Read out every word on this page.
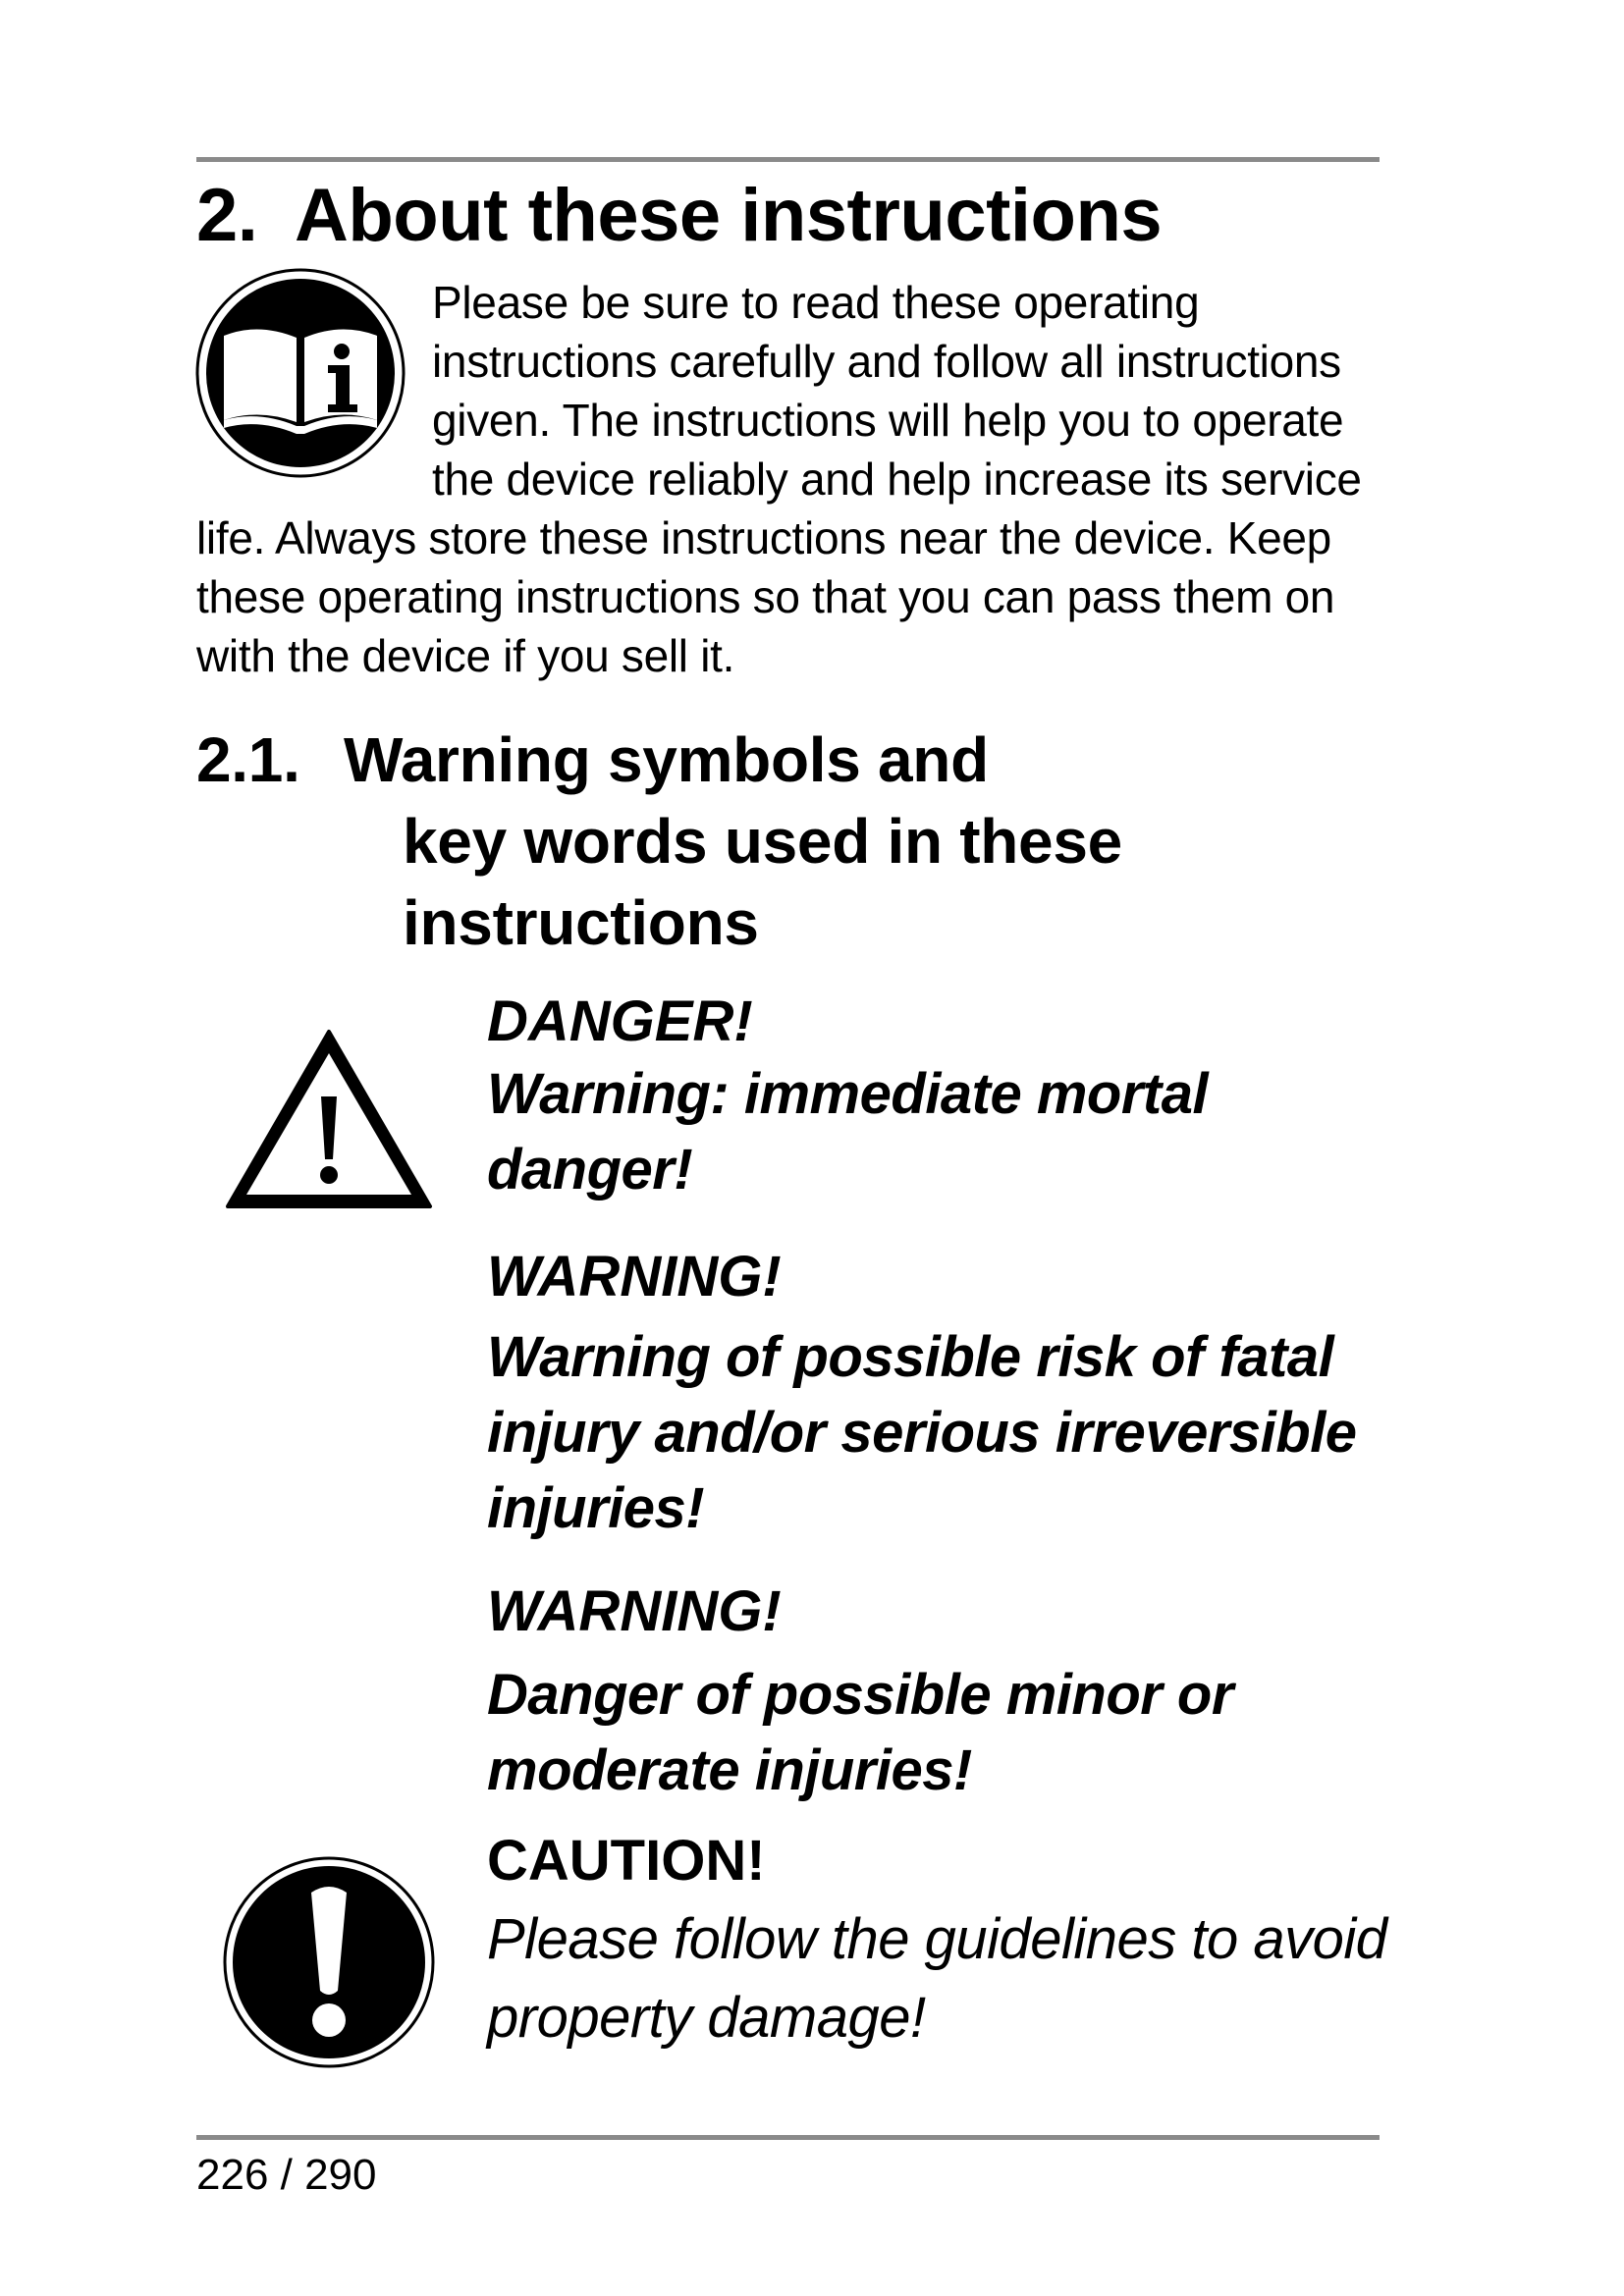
2. About these instructions

Please be sure to read these operating instructions carefully and follow all instructions given. The instructions will help you to operate the device reliably and help increase its service life. Always store these instructions near the device. Keep these operating instructions so that you can pass them on with the device if you sell it.

2.1. Warning symbols and
key words used in these instructions
DANGER!
Warning: immediate mortal danger!
WARNING!
Warning of possible risk of fatal injury and/or serious irreversible injuries!
WARNING!
Danger of possible minor or moderate injuries!
CAUTION!
Please follow the guidelines to avoid property damage!
226 / 290
